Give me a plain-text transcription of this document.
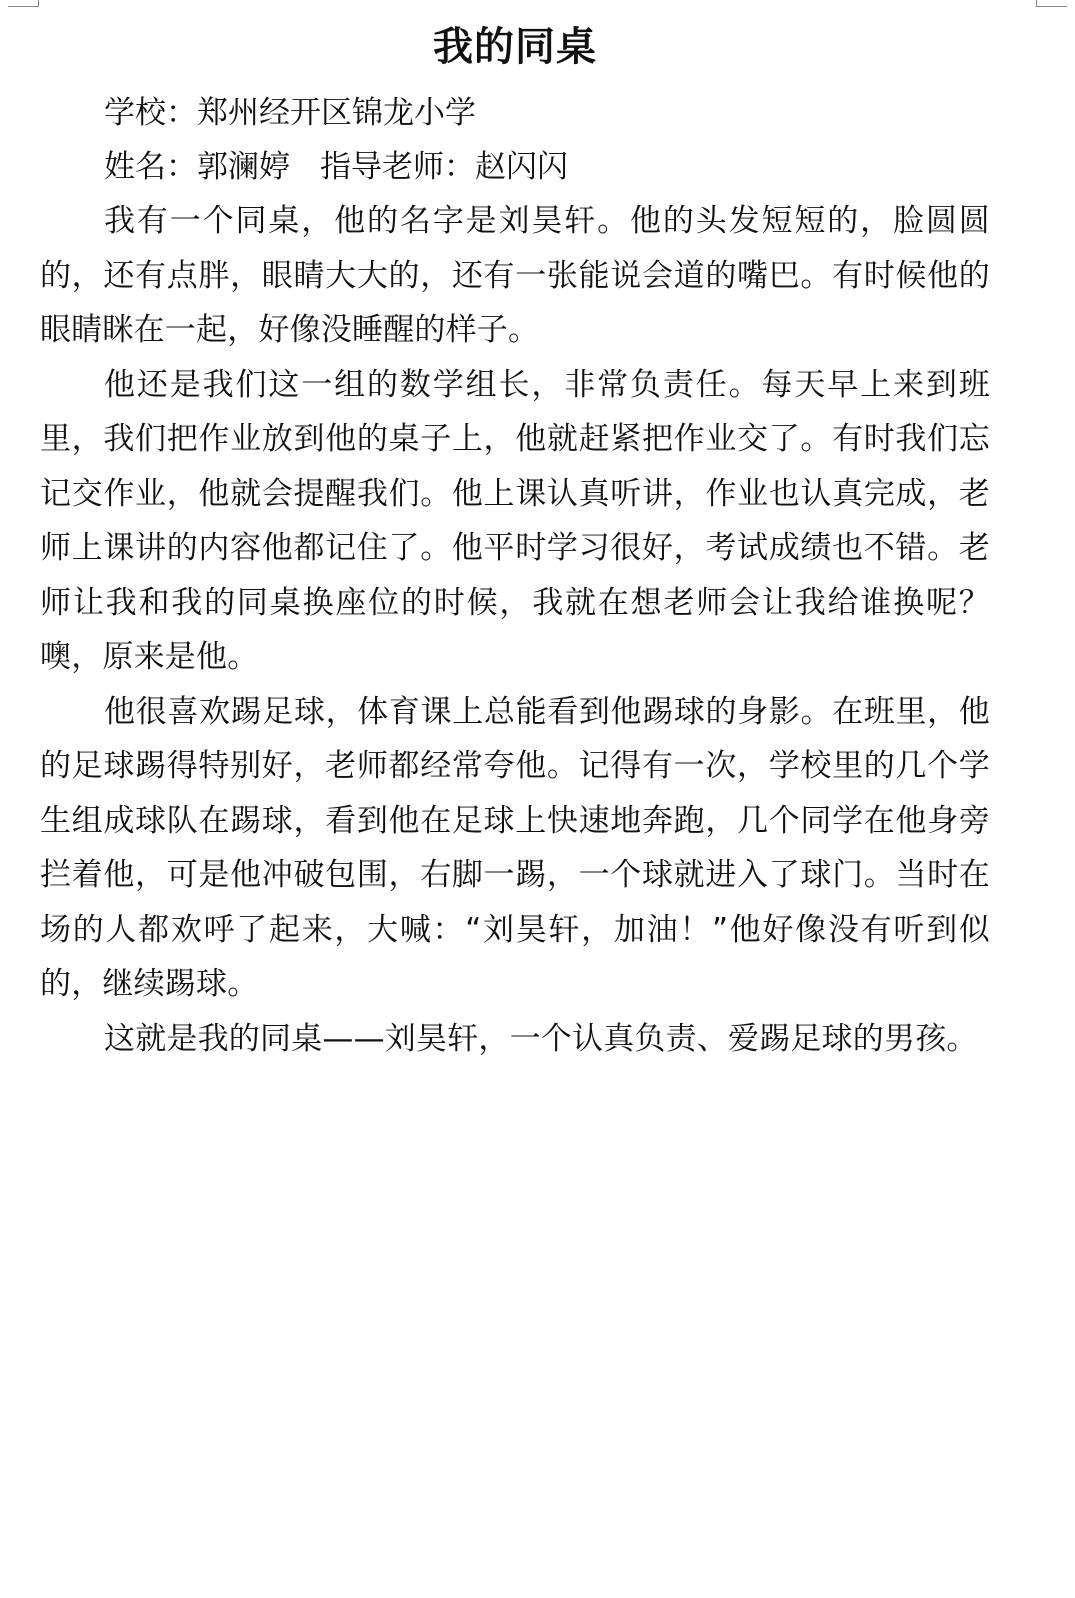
我的同桌
学校：郑州经开区锦龙小学
姓名：郭澜婷 指导老师：赵闪闪

我有一个同桌，他的名字是刘昊轩。他的头发短短的，脸圆圆的，还有点胖，眼睛大大的，还有一张能说会道的嘴巴。有时候他的眼睛眯在一起，好像没睡醒的样子。

他还是我们这一组的数学组长，非常负责任。每天早上来到班里，我们把作业放到他的桌子上，他就赶紧把作业交了。有时我们忘记交作业，他就会提醒我们。他上课认真听讲，作业也认真完成，老师上课讲的内容他都记住了。他平时学习很好，考试成绩也不错。老师让我和我的同桌换座位的时候，我就在想老师会让我给谁换呢？噢，原来是他。

他很喜欢踢足球，体育课上总能看到他踢球的身影。在班里，他的足球踢得特别好，老师都经常夸他。记得有一次，学校里的几个学生组成球队在踢球，看到他在足球上快速地奔跑，几个同学在他身旁拦着他，可是他冲破包围，右脚一踢，一个球就进入了球门。当时在场的人都欢呼了起来，大喊：“刘昊轩，加油！”他好像没有听到似的，继续踢球。

这就是我的同桌——刘昊轩，一个认真负责、爱踢足球的男孩。
